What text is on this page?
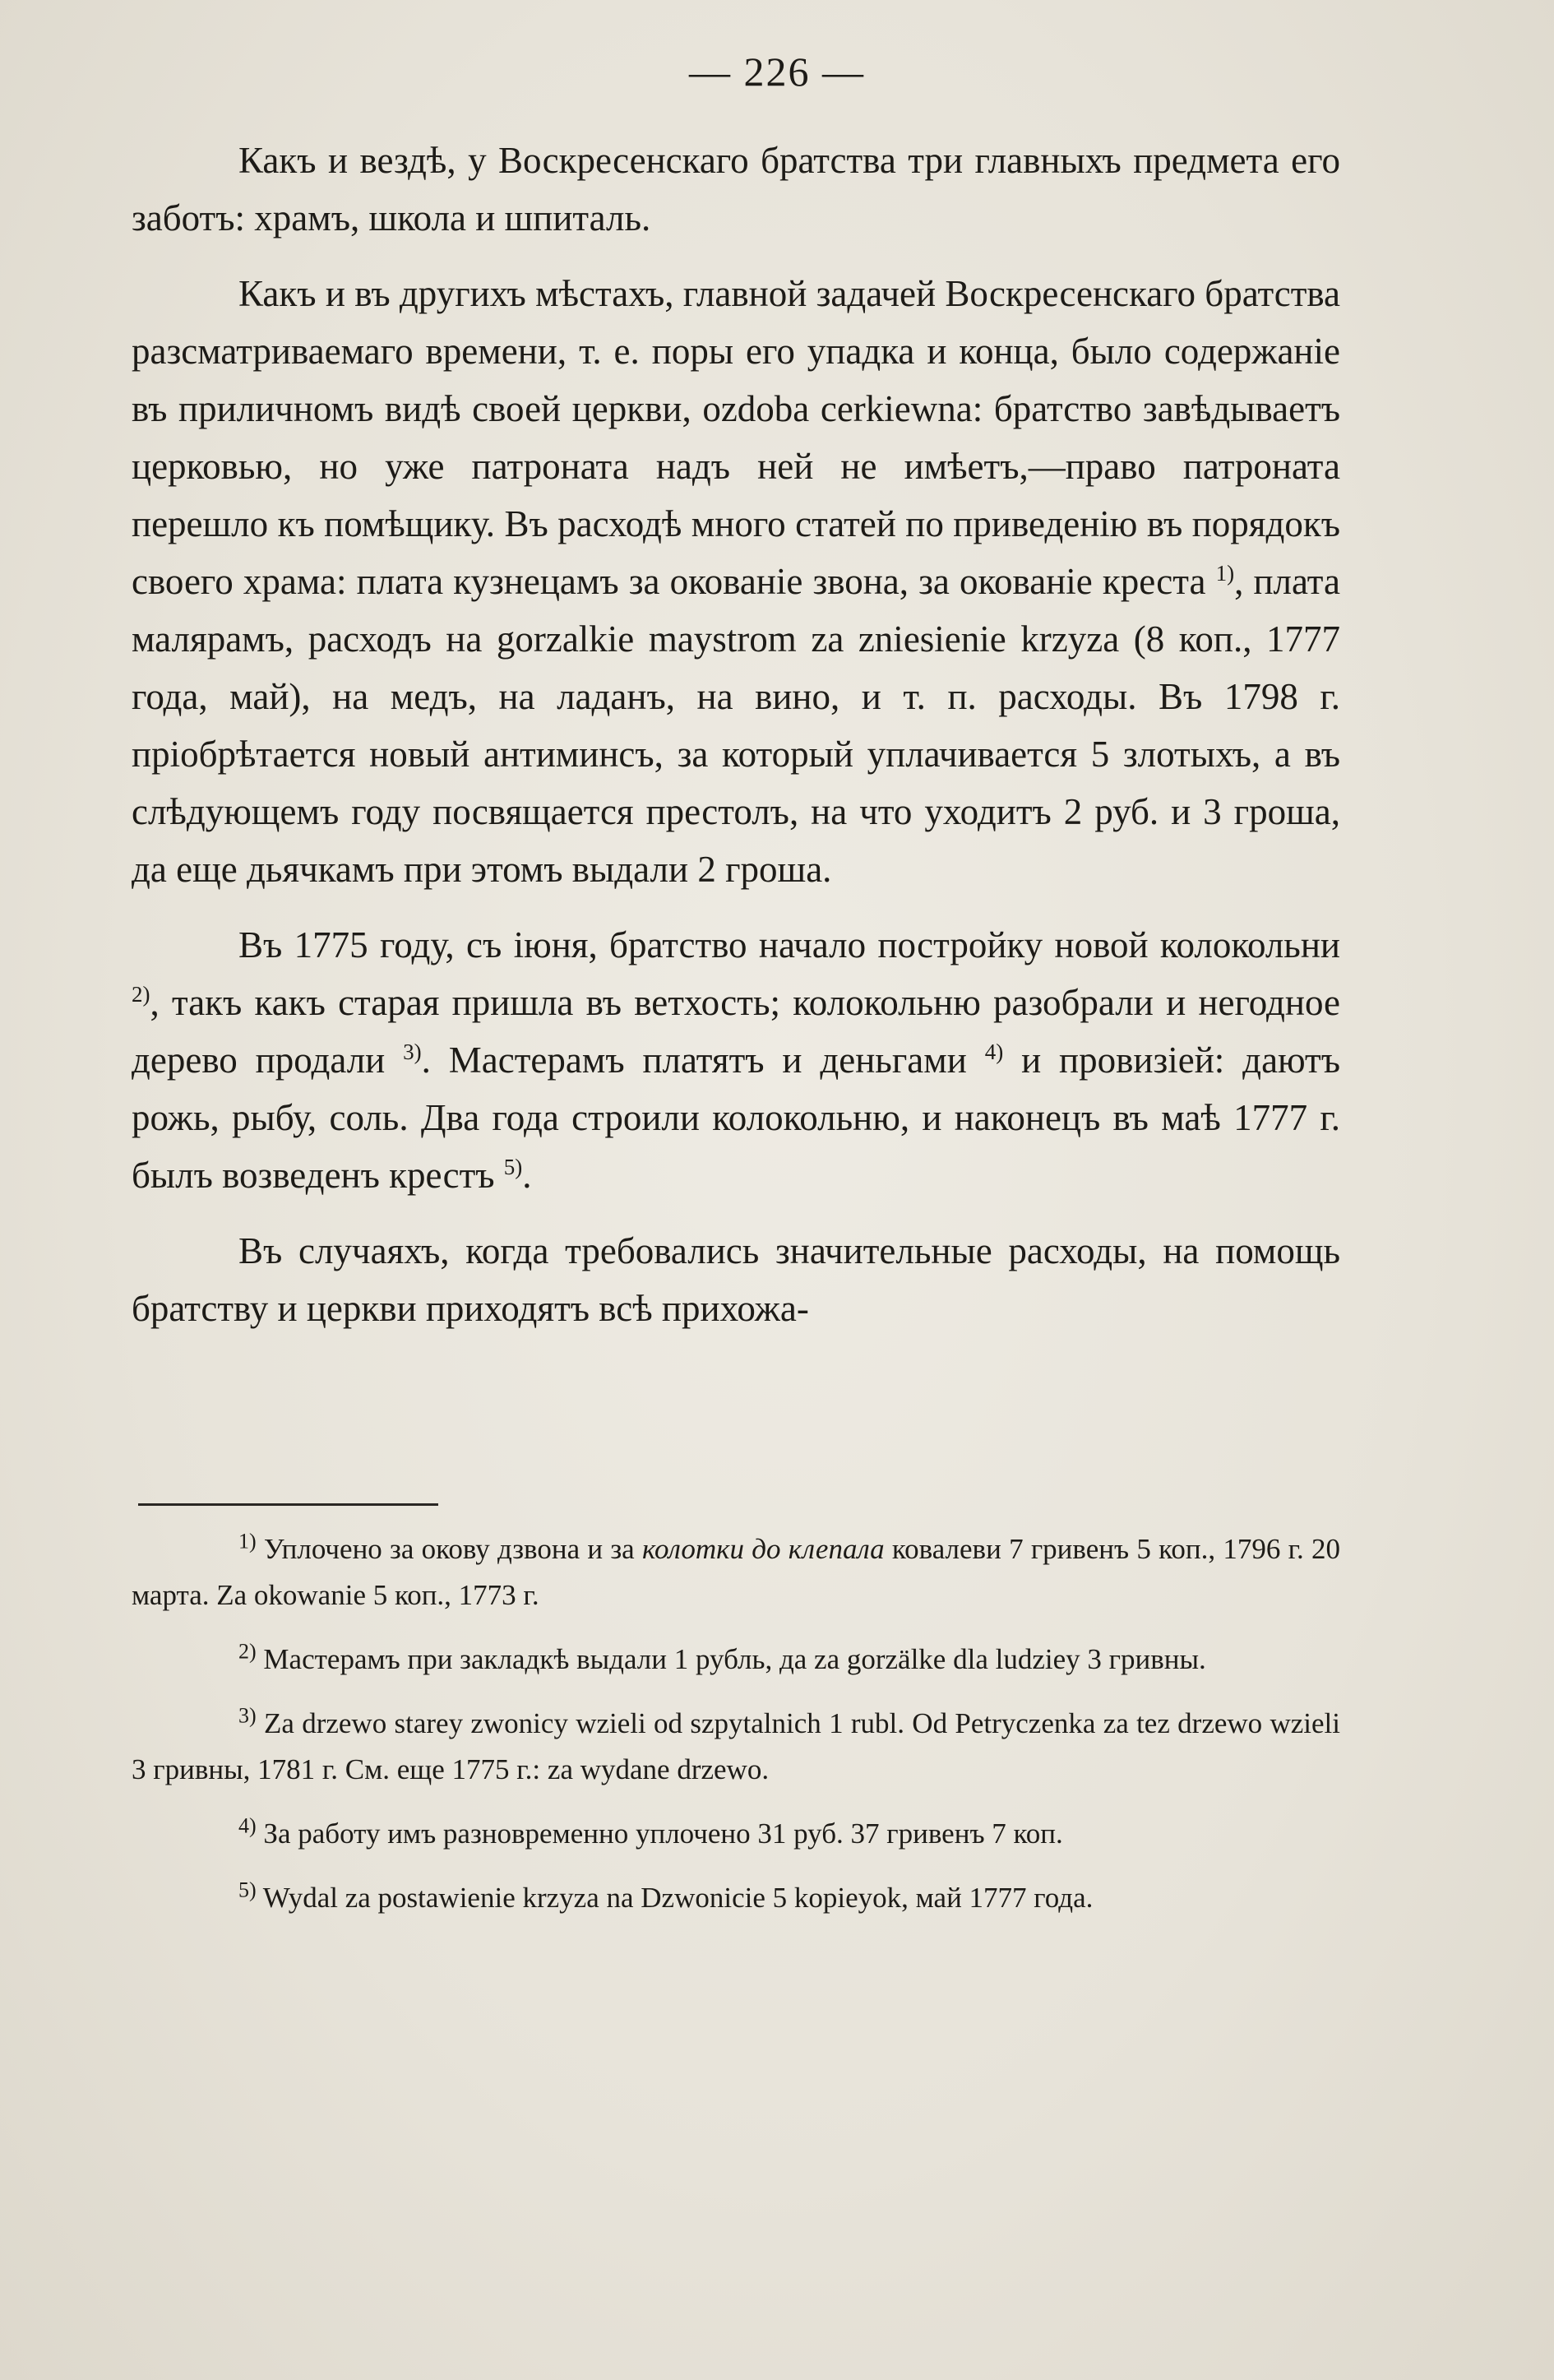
— 226 —

Какъ и вездѣ, у Воскресенскаго братства три главныхъ предмета его заботъ: храмъ, школа и шпиталь.

Какъ и въ другихъ мѣстахъ, главной задачей Воскресенскаго братства разсматриваемаго времени, т. е. поры его упадка и конца, было содержаніе въ приличномъ видѣ своей церкви, ozdoba cerkiewna: братство завѣдываетъ церковью, но уже патроната надъ ней не имѣетъ,—право патроната перешло къ помѣщику. Въ расходѣ много статей по приведенію въ порядокъ своего храма: плата кузнецамъ за окованіе звона, за окованіе креста $^{1)}$, плата малярамъ, расходъ на gorzalkie maystrom za zniesienie krzyza (8 коп., 1777 года, май), на медъ, на ладанъ, на вино, и т. п. расходы. Въ 1798 г. пріобрѣтается новый антиминсъ, за который уплачивается 5 злотыхъ, а въ слѣдующемъ году посвящается престолъ, на что уходитъ 2 руб. и 3 гроша, да еще дьячкамъ при этомъ выдали 2 гроша.

Въ 1775 году, съ іюня, братство начало постройку новой колокольни $^{2)}$, такъ какъ старая пришла въ ветхость; колокольню разобрали и негодное дерево продали $^{3)}$. Мастерамъ платятъ и деньгами $^{4)}$ и провизіей: даютъ рожь, рыбу, соль. Два года строили колокольню, и наконецъ въ маѣ 1777 г. былъ возведенъ крестъ $^{5)}$.

Въ случаяхъ, когда требовались значительные расходы, на помощь братству и церкви приходятъ всѣ прихожа-

$^{1)}$ Уплочено за окову дзвона и за колотки до клепала ковалеви 7 гривенъ 5 коп., 1796 г. 20 марта. Za okowanie 5 коп., 1773 г.

$^{2)}$ Мастерамъ при закладкѣ выдали 1 рубль, да za gorzälke dla ludziey 3 гривны.

$^{3)}$ Za drzewo starey zwonicy wzieli od szpytalnich 1 rubl. Od Petryczenka za tez drzewo wzieli 3 гривны, 1781 г. См. еще 1775 г.: za wydane drzewo.

$^{4)}$ За работу имъ разновременно уплочено 31 руб. 37 гривенъ 7 коп.

$^{5)}$ Wydal za postawienie krzyza na Dzwonicie 5 kopieyok, май 1777 года.
